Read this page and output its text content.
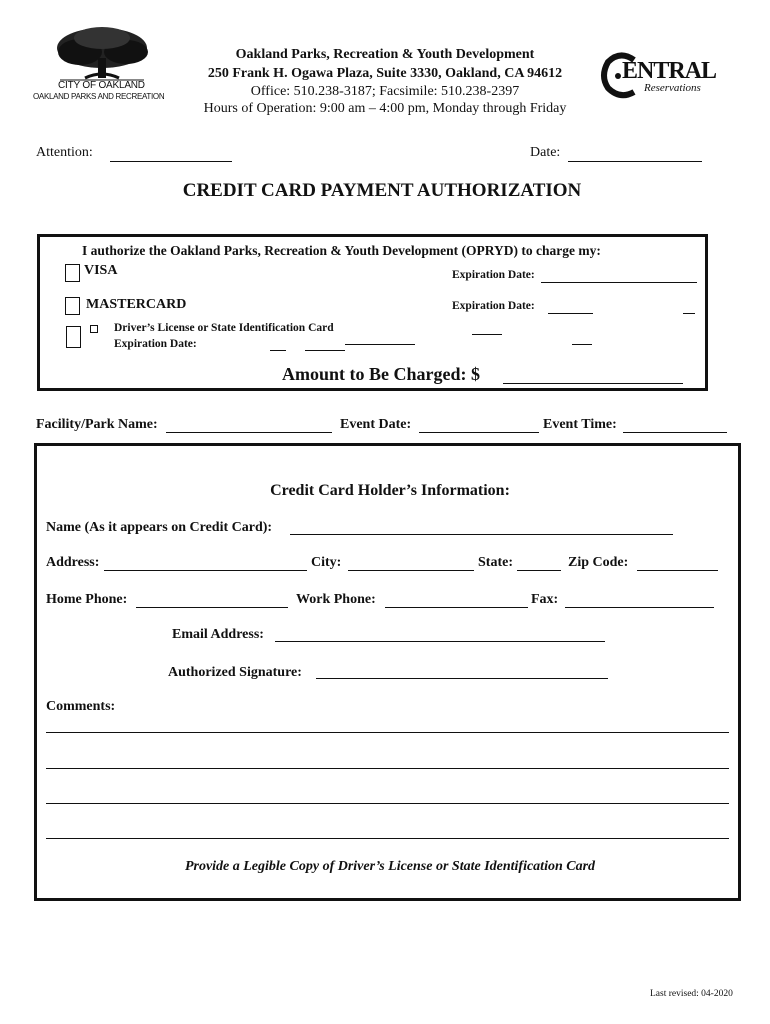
CITY OF OAKLAND
OAKLAND PARKS AND RECREATION
Oakland Parks, Recreation & Youth Development
250 Frank H. Ogawa Plaza, Suite 3330, Oakland, CA 94612
Office: 510.238-3187; Facsimile: 510.238-2397
Hours of Operation: 9:00 am – 4:00 pm, Monday through Friday
ENTRAL
Reservations
Attention:	Date:
CREDIT CARD PAYMENT AUTHORIZATION
I authorize the Oakland Parks, Recreation & Youth Development (OPRYD) to charge my:
VISA	Expiration Date:
MASTERCARD	Expiration Date:
Driver’s License or State Identification Card
Expiration Date:
Amount to Be Charged: $
Facility/Park Name:	Event Date:	Event Time:
Credit Card Holder’s Information:
Name (As it appears on Credit Card):
Address:	City:	State:	Zip Code:
Home Phone:	Work Phone:	Fax:
Email Address:
Authorized Signature:
Comments:
Provide a Legible Copy of Driver’s License or State Identification Card
Last revised: 04-2020
